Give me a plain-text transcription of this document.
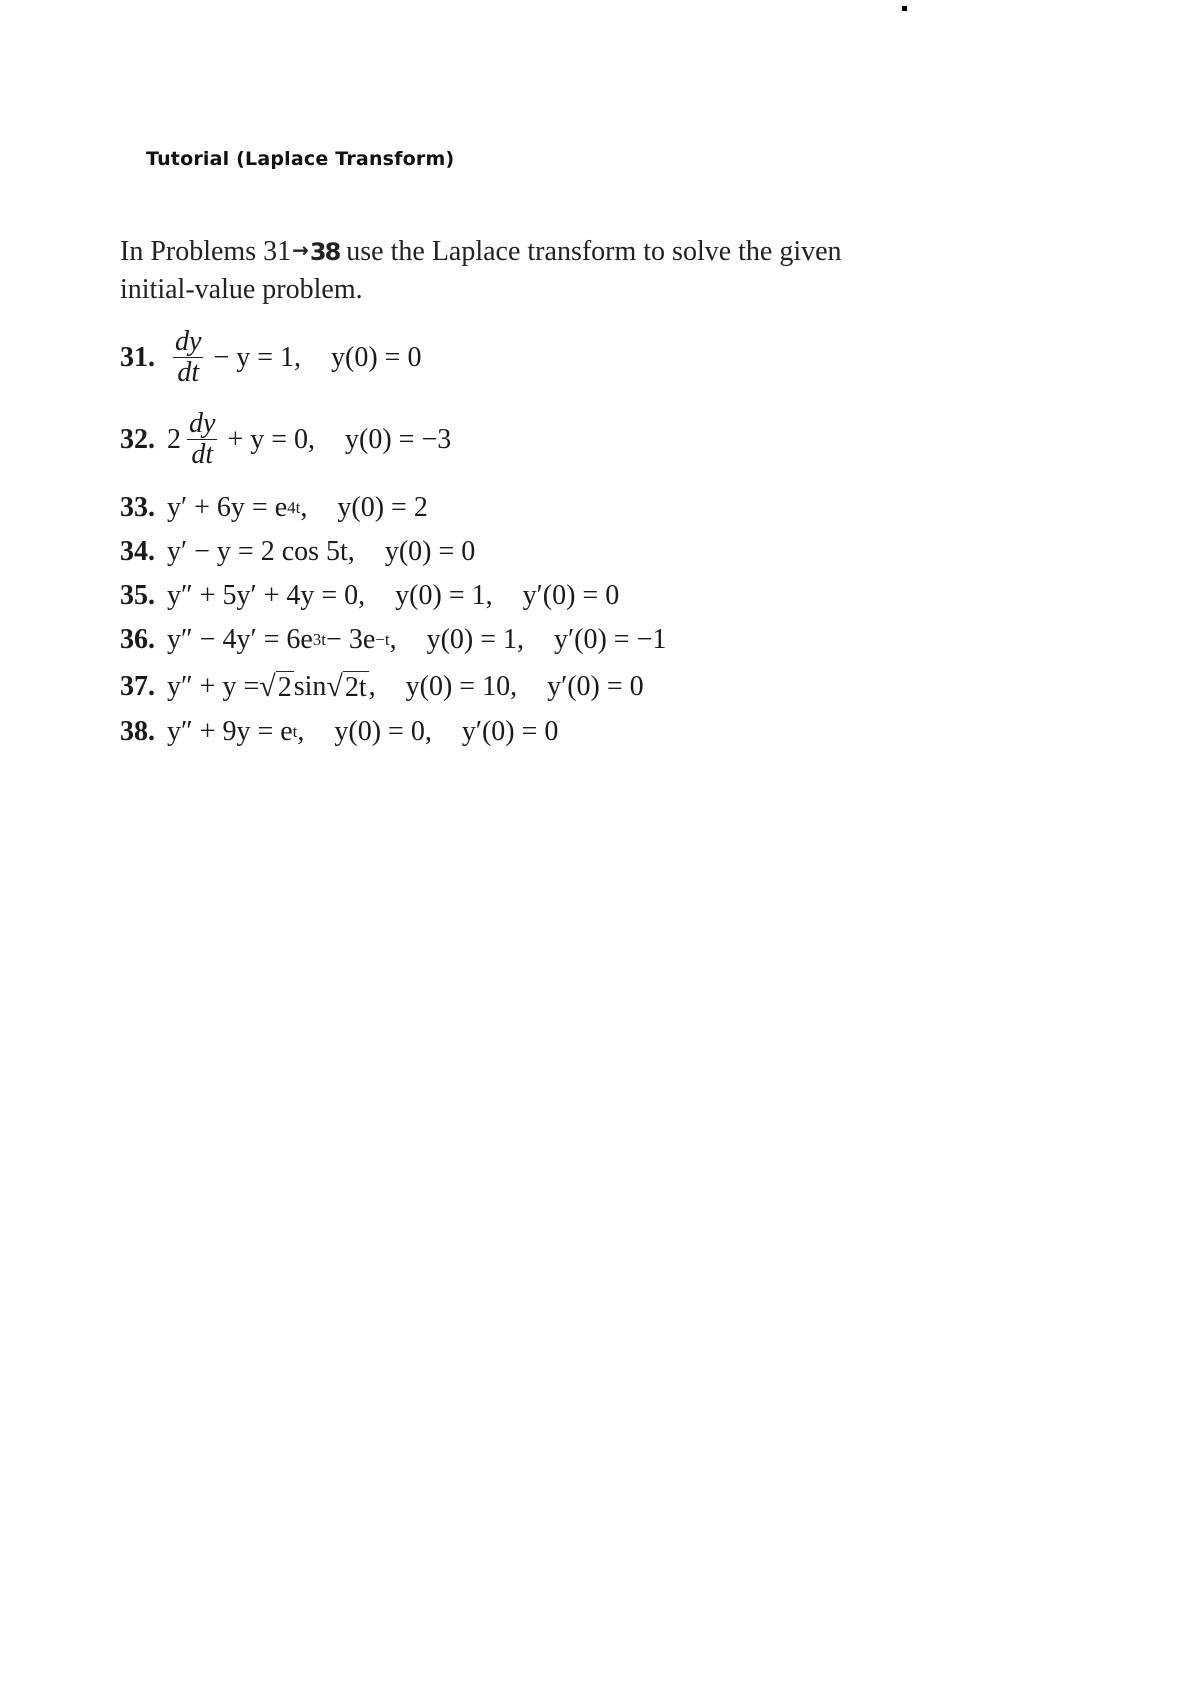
Tutorial (Laplace Transform)
In Problems 31→38 use the Laplace transform to solve the given initial-value problem.
31. $\frac{dy}{dt} - y = 1$, y(0) = 0
32. $2 \frac{dy}{dt} + y = 0$, y(0) = −3
33. y′ + 6y = e 4t , y(0) = 2
34. y′ − y = 2 cos 5t, y(0) = 0
35. y″ + 5y′ + 4y = 0, y(0) = 1, y′(0) = 0
36. y″ − 4y′ = 6e 3t − 3e −t , y(0) = 1, y′(0) = −1
37. y″ + y = √ 2 sin √ 2t , y(0) = 10, y′(0) = 0
38. y″ + 9y = e t , y(0) = 0, y′(0) = 0
